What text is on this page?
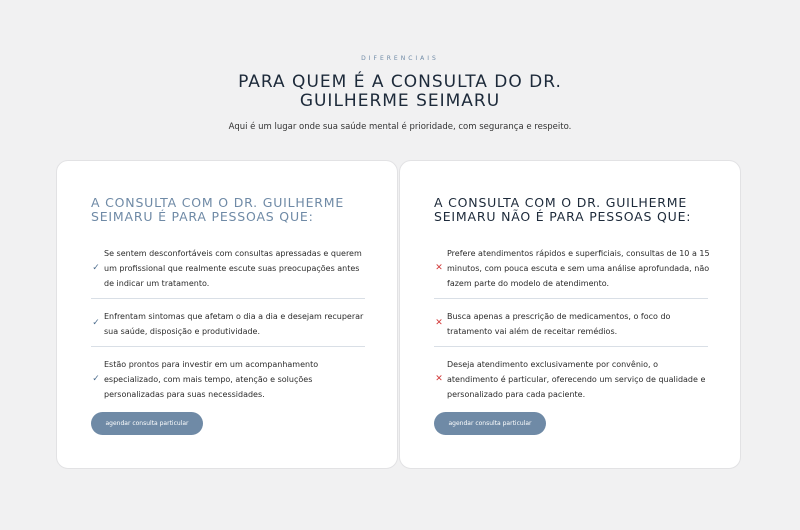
DIFERENCIAIS
PARA QUEM É A CONSULTA DO DR.
GUILHERME SEIMARU
Aqui é um lugar onde sua saúde mental é prioridade, com segurança e respeito.
A CONSULTA COM O DR. GUILHERME
SEIMARU É PARA PESSOAS QUE:
✓
Se sentem desconfortáveis com consultas apressadas e querem
um profissional que realmente escute suas preocupações antes
de indicar um tratamento.
✓
Enfrentam sintomas que afetam o dia a dia e desejam recuperar
sua saúde, disposição e produtividade.
✓
Estão prontos para investir em um acompanhamento
especializado, com mais tempo, atenção e soluções
personalizadas para suas necessidades.
agendar consulta particular
A CONSULTA COM O DR. GUILHERME
SEIMARU NÃO É PARA PESSOAS QUE:
✕
Prefere atendimentos rápidos e superficiais, consultas de 10 a 15
minutos, com pouca escuta e sem uma análise aprofundada, não
fazem parte do modelo de atendimento.
✕
Busca apenas a prescrição de medicamentos, o foco do
tratamento vai além de receitar remédios.
✕
Deseja atendimento exclusivamente por convênio, o
atendimento é particular, oferecendo um serviço de qualidade e
personalizado para cada paciente.
agendar consulta particular
